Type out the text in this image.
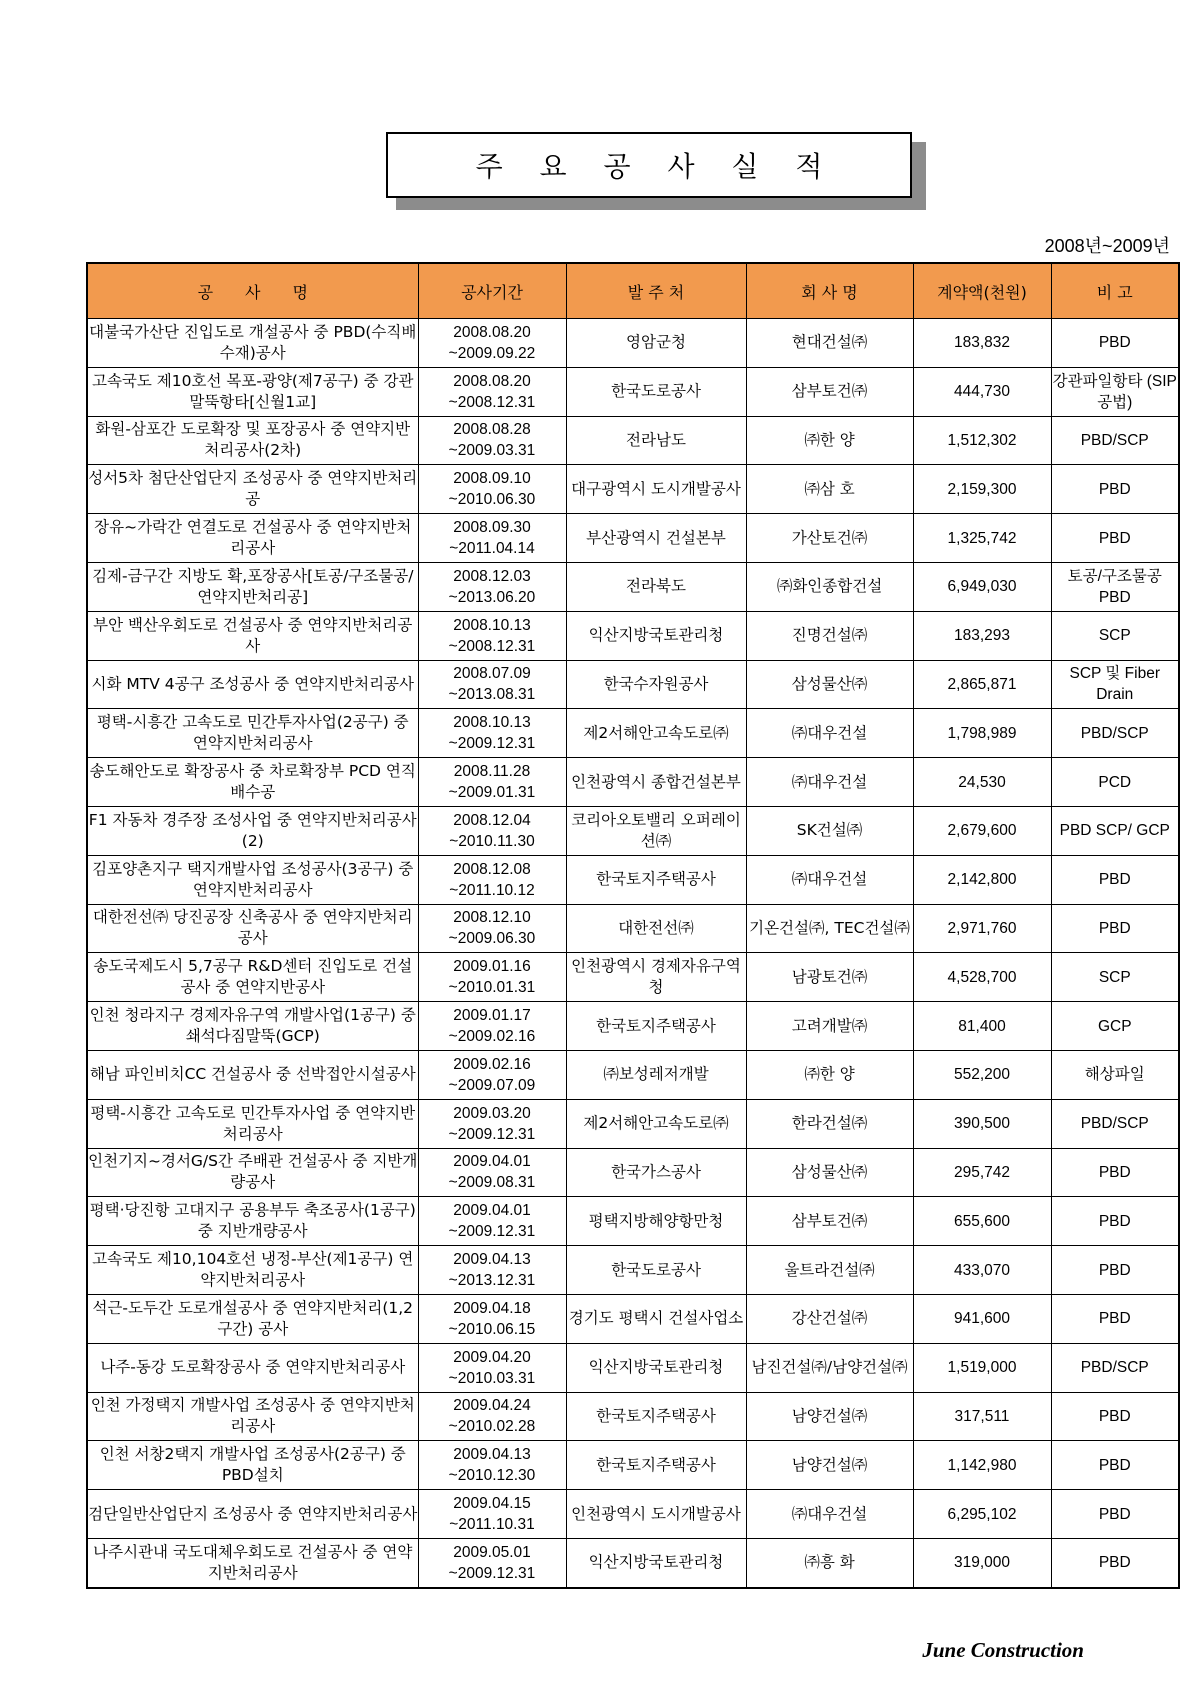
주 요 공 사 실 적
2008년~2009년
공　　사　　명	공사기간	발 주 처	회 사 명	계약액(천원)	비 고
대불국가산단 진입도로 개설공사 중 PBD(수직배수재)공사	2008.08.20
~2009.09.22	영암군청	현대건설㈜	183,832	PBD
고속국도 제10호선 목포-광양(제7공구) 중 강관말뚝항타[신월1교]	2008.08.20
~2008.12.31	한국도로공사	삼부토건㈜	444,730	강관파일항타 (SIP공법)
화원-삼포간 도로확장 및 포장공사 중 연약지반처리공사(2차)	2008.08.28
~2009.03.31	전라남도	㈜한 양	1,512,302	PBD/SCP
성서5차 첨단산업단지 조성공사 중 연약지반처리공	2008.09.10
~2010.06.30	대구광역시 도시개발공사	㈜삼 호	2,159,300	PBD
장유~가락간 연결도로 건설공사 중 연약지반처리공사	2008.09.30
~2011.04.14	부산광역시 건설본부	가산토건㈜	1,325,742	PBD
김제-금구간 지방도 확,포장공사[토공/구조물공/연약지반처리공]	2008.12.03
~2013.06.20	전라북도	㈜화인종합건설	6,949,030	토공/구조물공 PBD
부안 백산우회도로 건설공사 중 연약지반처리공사	2008.10.13
~2008.12.31	익산지방국토관리청	진명건설㈜	183,293	SCP
시화 MTV 4공구 조성공사 중 연약지반처리공사	2008.07.09
~2013.08.31	한국수자원공사	삼성물산㈜	2,865,871	SCP 및 Fiber Drain
평택-시흥간 고속도로 민간투자사업(2공구) 중 연약지반처리공사	2008.10.13
~2009.12.31	제2서해안고속도로㈜	㈜대우건설	1,798,989	PBD/SCP
송도해안도로 확장공사 중 차로확장부 PCD 연직배수공	2008.11.28
~2009.01.31	인천광역시 종합건설본부	㈜대우건설	24,530	PCD
F1 자동차 경주장 조성사업 중 연약지반처리공사(2)	2008.12.04
~2010.11.30	코리아오토밸리 오퍼레이션㈜	SK건설㈜	2,679,600	PBD SCP/ GCP
김포양촌지구 택지개발사업 조성공사(3공구) 중 연약지반처리공사	2008.12.08
~2011.10.12	한국토지주택공사	㈜대우건설	2,142,800	PBD
대한전선㈜ 당진공장 신축공사 중 연약지반처리공사	2008.12.10
~2009.06.30	대한전선㈜	기온건설㈜, TEC건설㈜	2,971,760	PBD
송도국제도시 5,7공구 R&D센터 진입도로 건설공사 중 연약지반공사	2009.01.16
~2010.01.31	인천광역시 경제자유구역청	남광토건㈜	4,528,700	SCP
인천 청라지구 경제자유구역 개발사업(1공구) 중 쇄석다짐말뚝(GCP)	2009.01.17
~2009.02.16	한국토지주택공사	고려개발㈜	81,400	GCP
해남 파인비치CC 건설공사 중 선박접안시설공사	2009.02.16
~2009.07.09	㈜보성레저개발	㈜한 양	552,200	해상파일
평택-시흥간 고속도로 민간투자사업 중 연약지반처리공사	2009.03.20
~2009.12.31	제2서해안고속도로㈜	한라건설㈜	390,500	PBD/SCP
인천기지~경서G/S간 주배관 건설공사 중 지반개량공사	2009.04.01
~2009.08.31	한국가스공사	삼성물산㈜	295,742	PBD
평택·당진항 고대지구 공용부두 축조공사(1공구) 중 지반개량공사	2009.04.01
~2009.12.31	평택지방해양항만청	삼부토건㈜	655,600	PBD
고속국도 제10,104호선 냉정-부산(제1공구) 연약지반처리공사	2009.04.13
~2013.12.31	한국도로공사	울트라건설㈜	433,070	PBD
석근-도두간 도로개설공사 중 연약지반처리(1,2구간) 공사	2009.04.18
~2010.06.15	경기도 평택시 건설사업소	강산건설㈜	941,600	PBD
나주-동강 도로확장공사 중 연약지반처리공사	2009.04.20
~2010.03.31	익산지방국토관리청	남진건설㈜/남양건설㈜	1,519,000	PBD/SCP
인천 가정택지 개발사업 조성공사 중 연약지반처리공사	2009.04.24
~2010.02.28	한국토지주택공사	남양건설㈜	317,511	PBD
인천 서창2택지 개발사업 조성공사(2공구) 중 PBD설치	2009.04.13
~2010.12.30	한국토지주택공사	남양건설㈜	1,142,980	PBD
검단일반산업단지 조성공사 중 연약지반처리공사	2009.04.15
~2011.10.31	인천광역시 도시개발공사	㈜대우건설	6,295,102	PBD
나주시관내 국도대체우회도로 건설공사 중 연약지반처리공사	2009.05.01
~2009.12.31	익산지방국토관리청	㈜흥 화	319,000	PBD
June Construction
